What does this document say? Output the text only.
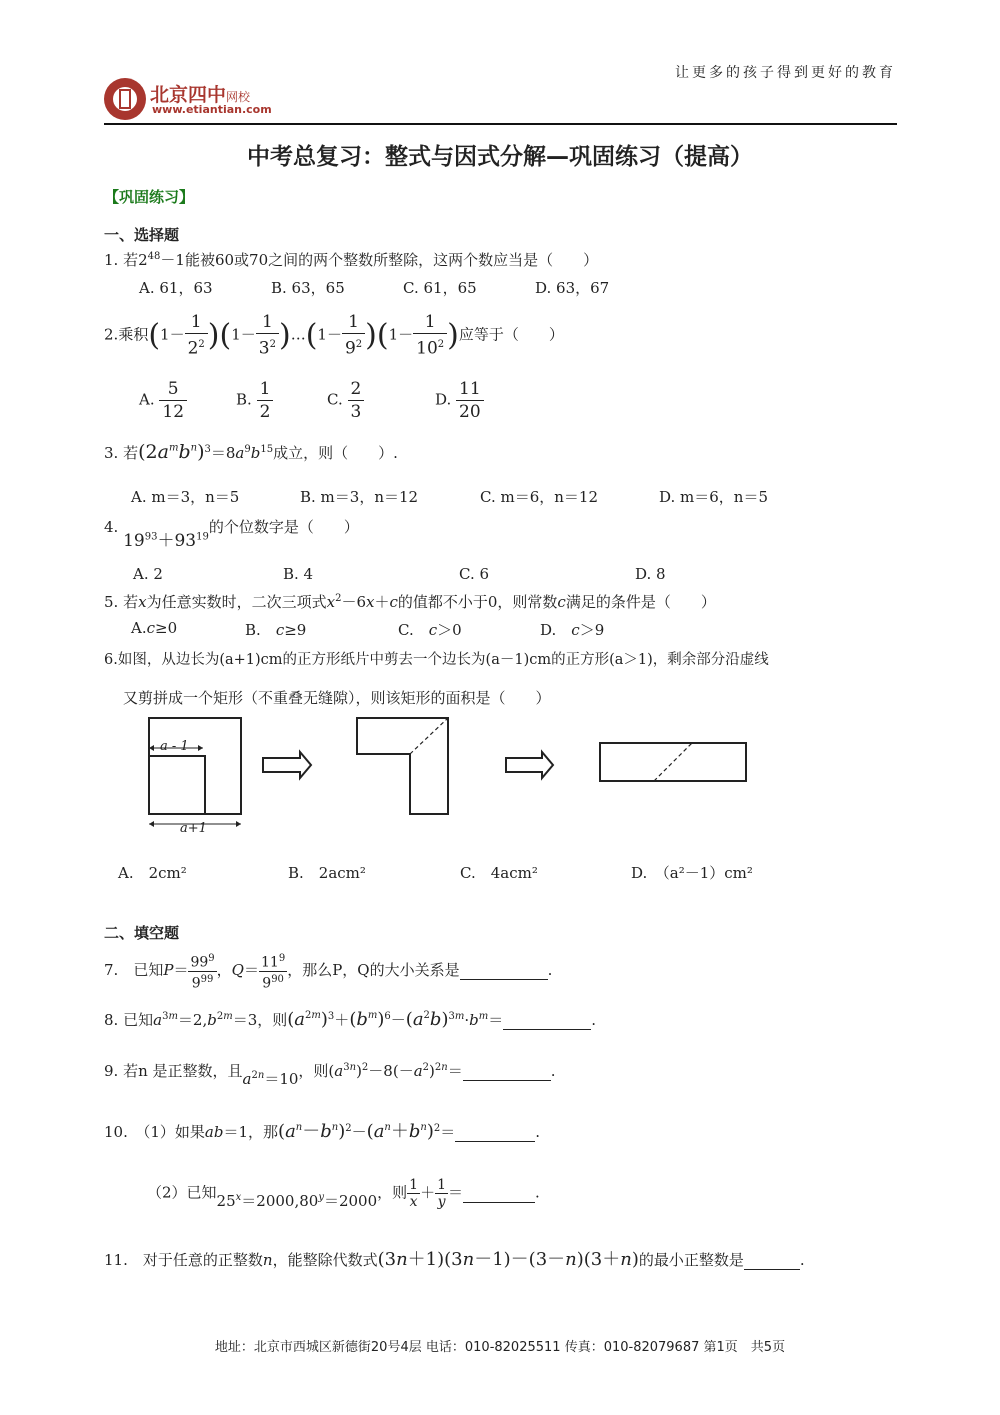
让更多的孩子得到更好的教育
北京四中网校
www.etiantian.com
中考总复习：整式与因式分解—巩固练习（提高）
【巩固练习】
一、选择题
1. 若$2^{48}-1$能被60或70之间的两个整数所整除，这两个数应当是（　　）
A. 61，63	B. 63，65	C. 61，65	D. 63，67
2.乘积$(1- \frac{1}{2^2} )(1- \frac{1}{3^2}$ )…(1－ $\frac{1}{9^2} )(1- \frac{1}{10^2}$ )应等于（　　）
A. $\frac{5}{12}$	B. $\frac{1}{2}$	C. $\frac{2}{3}$	D. $\frac{11}{20}$
3. 若$(2a^mb^n)^3=8a^9b^{15}$成立，则（　　）.
A. m＝3，n＝5	B. m＝3，n＝12	C. m＝6，n＝12	D. m＝6，n＝5
4. $19^{93}+93^{19}$的个位数字是（　　）
A. 2	B. 4	C. 6	D. 8
5. 若x为任意实数时，二次三项式$x^2-6x+c$的值都不小于0，则常数c满足的条件是（　　）
A.c≥0	B.　 c≥9	C.　 c＞0	D.　 c＞9
6.如图，从边长为(a+1)cm的正方形纸片中剪去一个边长为(a－1)cm的正方形(a＞1)，剩余部分沿虚线
又剪拼成一个矩形（不重叠无缝隙），则该矩形的面积是（　　）
a - 1
a+1
A.　2cm²	B.　2acm²	C.　4acm²	D.　（a²－1）cm²
二、填空题
7.　 已知$P= \frac{99^9}{9^{99}}$ ，$Q= \frac{11^9}{9^{90}}$ ，那么P，Q的大小关系是	.
8. 已知$a^{3m}=2,b^{2m}=3$，则$(a^{2m})^3+(b^m)^6-(a^2b)^{3m}\cdot b^m=$	.
9. 若n 是正整数，且$a^{2n}=10$，则$(a^{3n})^2-8(-a^2)^{2n}=$	.
10.　 （1）如果ab＝1，那$(a^n-b^n)^2-(a^n+b^n)^2=$	.
（2）已知$25^x=2000,80^y=2000$，则 $\frac{1}{x} + \frac{1}{y}$ ＝	.
11.　 对于任意的正整数n，能整除代数式(3n＋1)(3n－1)－(3－n)(3＋n)的最小正整数是	.
地址：北京市西城区新德街20号4层 电话：010-82025511 传真：010-82079687 第1页　共5页
